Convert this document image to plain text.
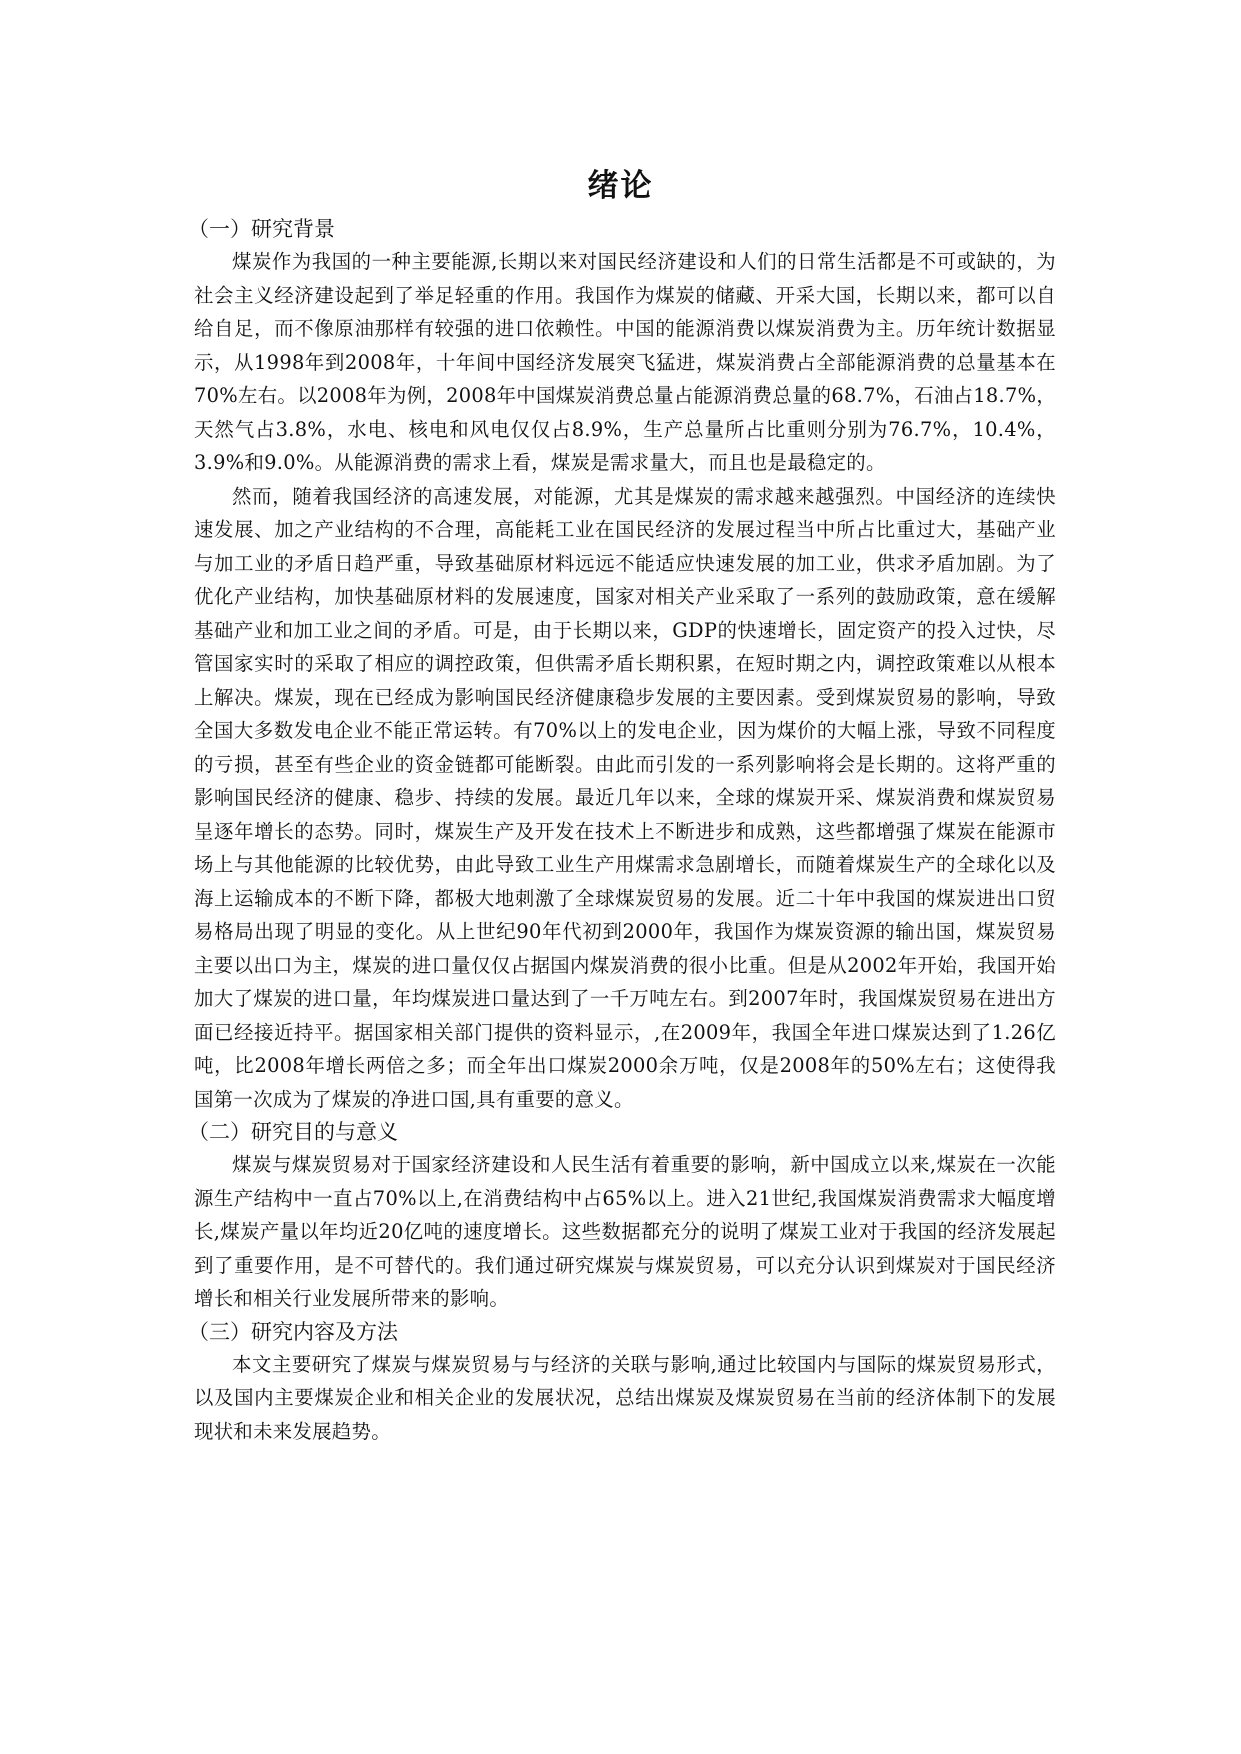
绪论
（一）研究背景

煤炭作为我国的一种主要能源,长期以来对国民经济建设和人们的日常生活都是不可或缺的，为社会主义经济建设起到了举足轻重的作用。我国作为煤炭的储藏、开采大国，长期以来，都可以自给自足，而不像原油那样有较强的进口依赖性。中国的能源消费以煤炭消费为主。历年统计数据显示，从1998年到2008年，十年间中国经济发展突飞猛进，煤炭消费占全部能源消费的总量基本在70%左右。以2008年为例，2008年中国煤炭消费总量占能源消费总量的68.7%，石油占18.7%，天然气占3.8%，水电、核电和风电仅仅占8.9%，生产总量所占比重则分别为76.7%，10.4%，3.9%和9.0%。从能源消费的需求上看，煤炭是需求量大，而且也是最稳定的。

然而，随着我国经济的高速发展，对能源，尤其是煤炭的需求越来越强烈。中国经济的连续快速发展、加之产业结构的不合理，高能耗工业在国民经济的发展过程当中所占比重过大，基础产业与加工业的矛盾日趋严重，导致基础原材料远远不能适应快速发展的加工业，供求矛盾加剧。为了优化产业结构，加快基础原材料的发展速度，国家对相关产业采取了一系列的鼓励政策，意在缓解基础产业和加工业之间的矛盾。可是，由于长期以来，GDP的快速增长，固定资产的投入过快，尽管国家实时的采取了相应的调控政策，但供需矛盾长期积累，在短时期之内，调控政策难以从根本上解决。煤炭，现在已经成为影响国民经济健康稳步发展的主要因素。受到煤炭贸易的影响，导致全国大多数发电企业不能正常运转。有70%以上的发电企业，因为煤价的大幅上涨，导致不同程度的亏损，甚至有些企业的资金链都可能断裂。由此而引发的一系列影响将会是长期的。这将严重的影响国民经济的健康、稳步、持续的发展。最近几年以来，全球的煤炭开采、煤炭消费和煤炭贸易呈逐年增长的态势。同时，煤炭生产及开发在技术上不断进步和成熟，这些都增强了煤炭在能源市场上与其他能源的比较优势，由此导致工业生产用煤需求急剧增长，而随着煤炭生产的全球化以及海上运输成本的不断下降，都极大地刺激了全球煤炭贸易的发展。近二十年中我国的煤炭进出口贸易格局出现了明显的变化。从上世纪90年代初到2000年，我国作为煤炭资源的输出国，煤炭贸易主要以出口为主，煤炭的进口量仅仅占据国内煤炭消费的很小比重。但是从2002年开始，我国开始加大了煤炭的进口量，年均煤炭进口量达到了一千万吨左右。到2007年时，我国煤炭贸易在进出方面已经接近持平。据国家相关部门提供的资料显示，,在2009年，我国全年进口煤炭达到了1.26亿吨，比2008年增长两倍之多；而全年出口煤炭2000余万吨，仅是2008年的50%左右；这使得我国第一次成为了煤炭的净进口国,具有重要的意义。

（二）研究目的与意义

煤炭与煤炭贸易对于国家经济建设和人民生活有着重要的影响，新中国成立以来,煤炭在一次能源生产结构中一直占70%以上,在消费结构中占65%以上。进入21世纪,我国煤炭消费需求大幅度增长,煤炭产量以年均近20亿吨的速度增长。这些数据都充分的说明了煤炭工业对于我国的经济发展起到了重要作用，是不可替代的。我们通过研究煤炭与煤炭贸易，可以充分认识到煤炭对于国民经济增长和相关行业发展所带来的影响。

（三）研究内容及方法

本文主要研究了煤炭与煤炭贸易与与经济的关联与影响,通过比较国内与国际的煤炭贸易形式，以及国内主要煤炭企业和相关企业的发展状况，总结出煤炭及煤炭贸易在当前的经济体制下的发展现状和未来发展趋势。
